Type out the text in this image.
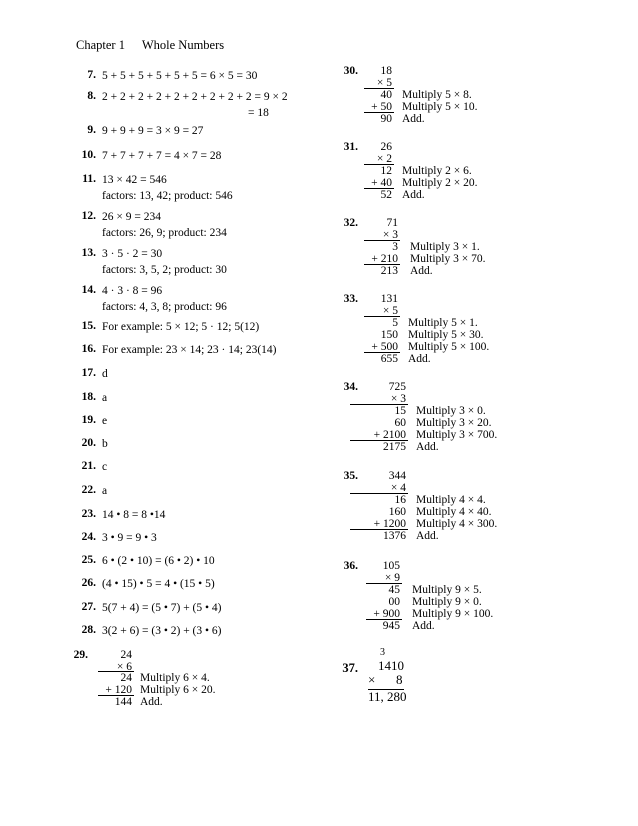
Chapter 1 Whole Numbers
7. 5 + 5 + 5 + 5 + 5 + 5 = 6 × 5 = 30
8. 2 + 2 + 2 + 2 + 2 + 2 + 2 + 2 + 2 = 9 × 2
= 18
9. 9 + 9 + 9 = 3 × 9 = 27
10. 7 + 7 + 7 + 7 = 4 × 7 = 28
11. 13 × 42 = 546
factors: 13, 42; product: 546
12. 26 × 9 = 234
factors: 26, 9; product: 234
13. 3 · 5 · 2 = 30
factors: 3, 5, 2; product: 30
14. 4 · 3 · 8 = 96
factors: 4, 3, 8; product: 96
15. For example: 5 × 12; 5 · 12; 5(12)
16. For example: 23 × 14; 23 · 14; 23(14)
17. d
18. a
19. e
20. b
21. c
22. a
23. 14 • 8 = 8 •14
24. 3 • 9 = 9 • 3
25. 6 • (2 • 10) = (6 • 2) • 10
26. (4 • 15) • 5 = 4 • (15 • 5)
27. 5(7 + 4) = (5 • 7) + (5 • 4)
28. 3(2 + 6) = (3 • 2) + (3 • 6)
29.	24
× 6
24 Multiply 6 × 4.
+ 120 Multiply 6 × 20.
144 Add.
30.	18
× 5
40 Multiply 5 × 8.
+ 50 Multiply 5 × 10.
90 Add.
31.	26
× 2
12 Multiply 2 × 6.
+ 40 Multiply 2 × 20.
52 Add.
32.	71
× 3
3 Multiply 3 × 1.
+ 210 Multiply 3 × 70.
213 Add.
33.	131
× 5
5 Multiply 5 × 1.
150 Multiply 5 × 30.
+ 500 Multiply 5 × 100.
655 Add.
34.	725
× 3
15 Multiply 3 × 0.
60 Multiply 3 × 20.
+ 2100 Multiply 3 × 700.
2175 Add.
35.	344
× 4
16 Multiply 4 × 4.
160 Multiply 4 × 40.
+ 1200 Multiply 4 × 300.
1376 Add.
36.	105
× 9
45 Multiply 9 × 5.
00 Multiply 9 × 0.
+ 900 Multiply 9 × 100.
945 Add.
37.
3
1410
× 8
11, 280
